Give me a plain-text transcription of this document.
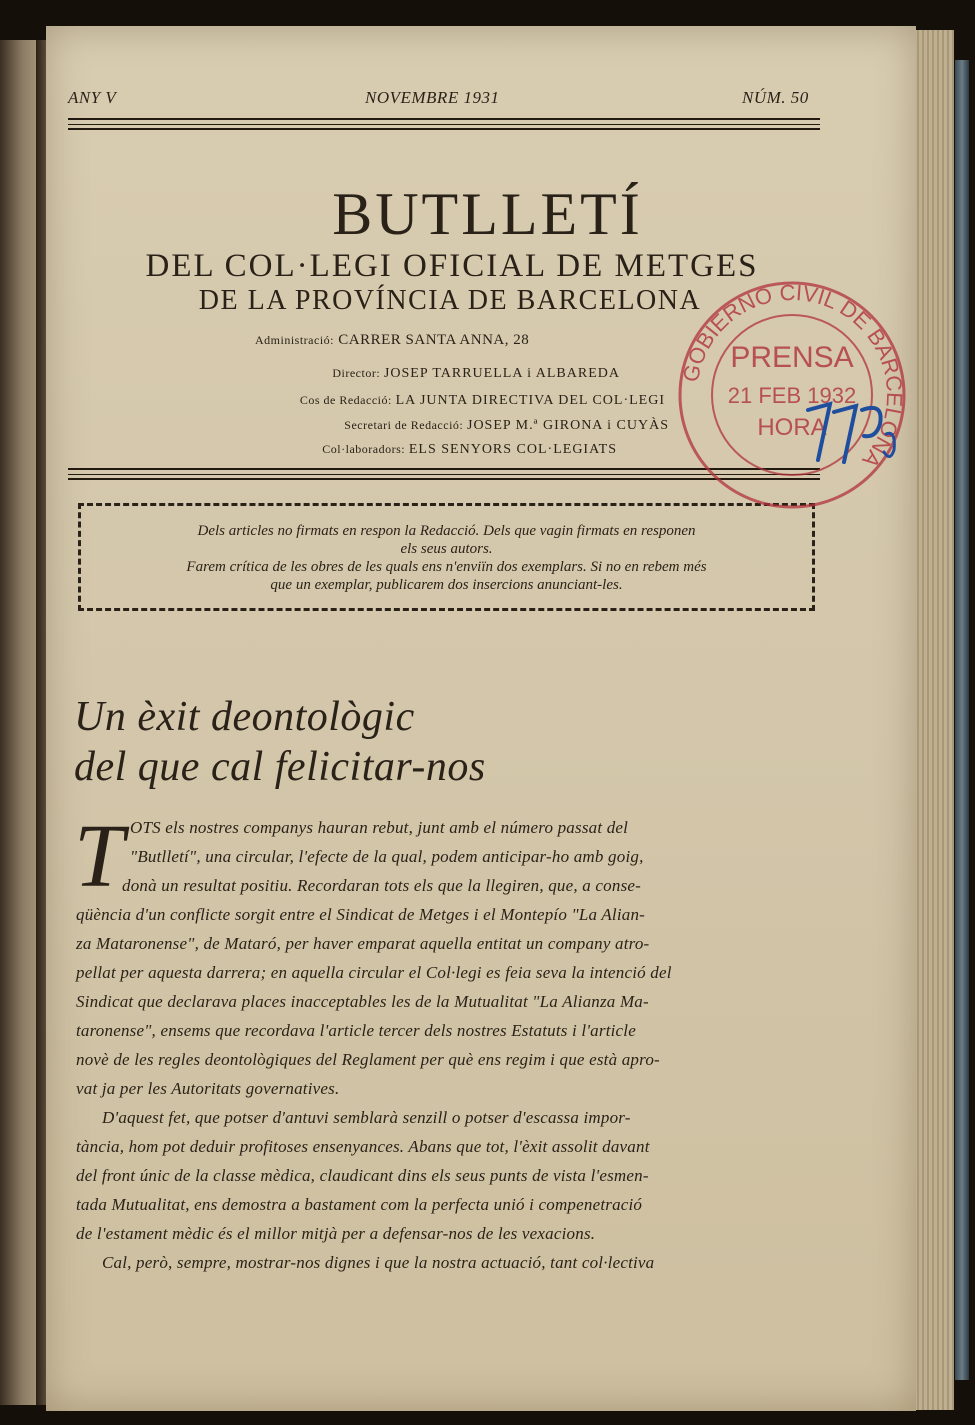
ANY V	NOVEMBRE 1931	NÚM. 50
BUTLLETÍ
DEL COL·LEGI OFICIAL DE METGES
DE LA PROVÍNCIA DE BARCELONA
Administració: CARRER SANTA ANNA, 28
Director: JOSEP TARRUELLA i ALBAREDA
Cos de Redacció: LA JUNTA DIRECTIVA DEL COL·LEGI
Secretari de Redacció: JOSEP M.ª GIRONA i CUYÀS
Col·laboradors: ELS SENYORS COL·LEGIATS
Dels articles no firmats en respon la Redacció. Dels que vagin firmats en responen
els seus autors.
Farem crítica de les obres de les quals ens n'enviïn dos exemplars. Si no en rebem més
que un exemplar, publicarem dos insercions anunciant-les.
GOBIERNO CIVIL DE BARCELONA
PRENSA
21 FEB 1932
HORA
Un èxit deontològic
del que cal felicitar-nos
T OTS els nostres companys hauran rebut, junt amb el número passat del
"Butlletí", una circular, l'efecte de la qual, podem anticipar-ho amb goig,
donà un resultat positiu. Recordaran tots els que la llegiren, que, a conse-
qüència d'un conflicte sorgit entre el Sindicat de Metges i el Montepío "La Alian-
za Mataronense", de Mataró, per haver emparat aquella entitat un company atro-
pellat per aquesta darrera; en aquella circular el Col·legi es feia seva la intenció del
Sindicat que declarava places inacceptables les de la Mutualitat "La Alianza Ma-
taronense", ensems que recordava l'article tercer dels nostres Estatuts i l'article
novè de les regles deontològiques del Reglament per què ens regim i que està apro-
vat ja per les Autoritats governatives.
D'aquest fet, que potser d'antuvi semblarà senzill o potser d'escassa impor-
tància, hom pot deduir profitoses ensenyances. Abans que tot, l'èxit assolit davant
del front únic de la classe mèdica, claudicant dins els seus punts de vista l'esmen-
tada Mutualitat, ens demostra a bastament com la perfecta unió i compenetració
de l'estament mèdic és el millor mitjà per a defensar-nos de les vexacions.
Cal, però, sempre, mostrar-nos dignes i que la nostra actuació, tant col·lectiva
